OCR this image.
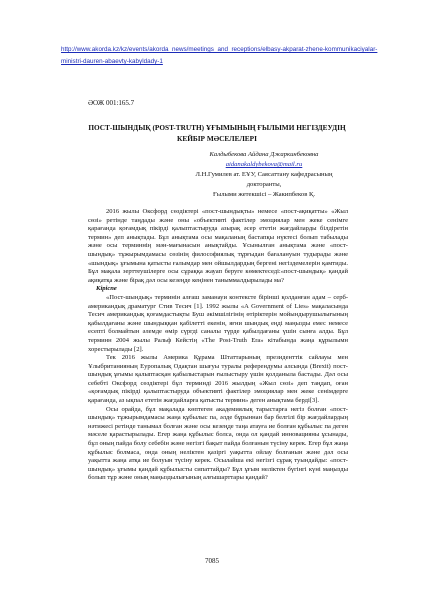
http://www.akorda.kz/kz/events/akorda_news/meetings_and_receptions/elbasy-akparat-zhene-kommunikaciyalar-ministri-dauren-abaevty-kabyldady-1
ӘОЖ 001:165.7
ПОСТ-ШЫНДЫҚ (POST-TRUTH) ҰҒЫМЫНЫҢ ҒЫЛЫМИ НЕГІЗДЕУДІҢ КЕЙБІР МӘСЕЛЕЛЕРІ
Калдыбекова Айдана Джаркинбековна
aidanakaldybekova@mail.ru
Л.Н.Гумилев ат. ЕҰУ, Саясаттану кафедрасының докторанты,
Ғылыми жетекшісі – Жакипбеков Қ.

2016 жылы Оксфорд сөздіктері «пост-шындықты» немесе «пост-ақиқатты» «Жыл сөзі» ретінде таңдады және оны «объективті фактілер эмоциялар мен жеке сенімге қарағанда қоғамдық пікірді қалыптастыруда азырақ әсер ететін жағдайларды білдіретін термин» деп анықтады. Бұл анықтама осы мақаланың бастапқы нүктесі болып табылады және осы терминнің мән-мағынасын анықтайды. Ұсынылған анықтама және «пост-шындық» тұжырымдамасы сөзінің философиялық тұрғыдан бағалануын тудырады және «шындық» ұғымына қатысты ғалымдар мен ойшылдардың бергені негіздемелерін қамтиды. Бұл мақала зерттеушілерге осы сұраққа жауап беруге көмектеседі:«пост-шындық» қандай ақиқатқа және бірақ дәл осы кезеңде кеңінен таныммалдырылады ма?

Кіріспе

«Пост-шындық» терминін алғаш заманауи контексте бірінші қолданған адам – серб-американдық драматург Стив Тесич [1]. 1992 жылы «A Government of Lies» мақаласында Тесич американдық қоғамдастықты Буш әкімшілігінің өтіріктерін мойындырушылығының қабылдағаны және шындыққан қабілетті екенін, яғни шындық еңді маңызды емес немесе есепті болмайтын әлемде өмір сүргді саналы түрде қабылдағаны үшін сынға алды. Бұл терминн 2004 жылы Ральф Кейстің «The Post-Truth Era» кітабында жаңа құрылымн хорестырылады [2].

Тек 2016 жылы Америка Құрама Штаттарының президенттік сайлауы мен Ұлыбританияның Еуропалық Одақтан шығуы туралы референдумы алсында (Brexit) пост-шындық ұғымы қалыптасқан қабылыстарын ғылыстыру үшін қолданыла бастады. Дәл осы себебті Оксфорд сөздіктері бұл терминді 2016 жылдың «Жыл сөзі» деп таңдап, оған «қоғамдық пікірді қалыптастыруда объективті фактілер эмоциялар мен жеке сенімдерге қарағанда, аз ықпал ететін жағдайларға қатысты термин» деген анықтама берді[3].

Осы орайда, бұл мақалада көптеген академиялық тарыстарға негіз болған «пост-шындық» тұжырымдамасы жаңа құбылыс па, әлде бұрыннан бар белгілі бір жағдайлардың нәтижесі ретінде танымал болған және осы кезеңде таңа атауға ие болған құбылыс па деген мәселе қарастырылады. Егер жаңа құбылыс болса, онда ол қандай инновацияны ұсынады, бұл оның пайда болу себебін және негізгі бақыт пайда болғанын түсіну керек. Егер бұл жаңа құбылыс болмаса, онда оның неліктен қазіргі уақытта ойлау болғанын және дәл осы уақытта жаңа атқа ие болуын түсіну керек. Осылайша екі негізгі сұрақ туындайды: «пост-шындық» ұғымы қандай құбылысты сипаттайды? Бұл ұғым неліктен бүгінгі күні маңызды болып тұр және оның маңыздылығының алғышарттары қандай?

7085
